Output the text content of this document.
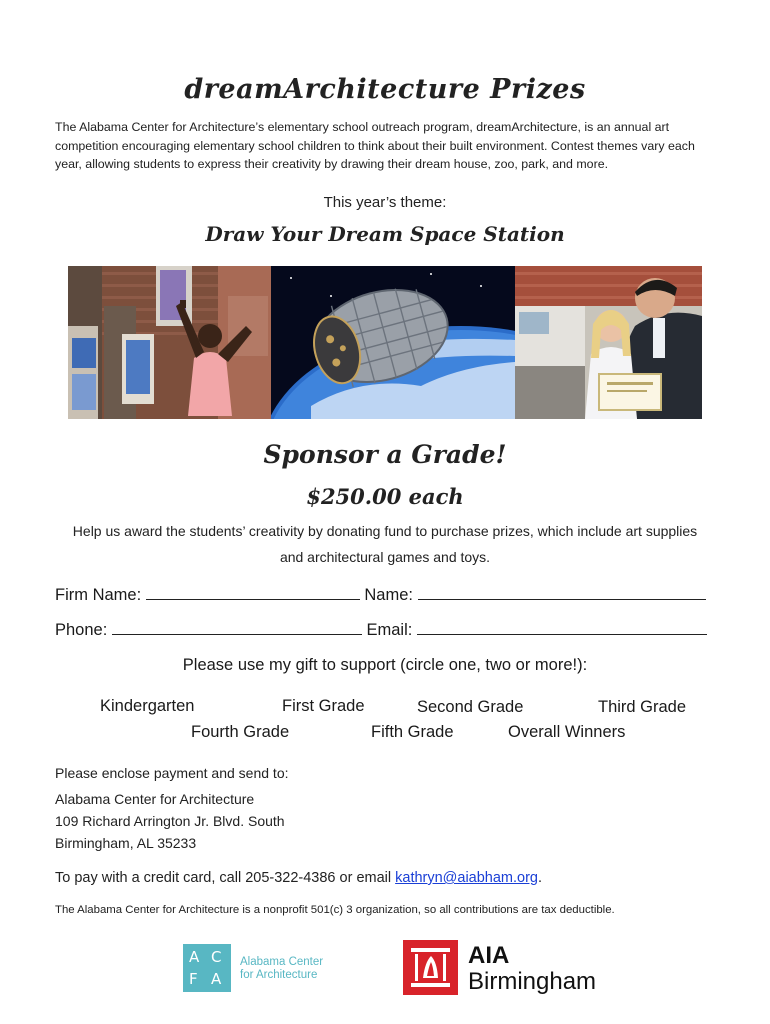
dreamArchitecture Prizes
The Alabama Center for Architecture’s elementary school outreach program, dreamArchitecture, is an annual art competition encouraging elementary school children to think about their built environment. Contest themes vary each year, allowing students to express their creativity by drawing their dream house, zoo, park, and more.
This year’s theme:
Draw Your Dream Space Station
Sponsor a Grade!
$250.00 each
Help us award the students’ creativity by donating fund to purchase prizes, which include art supplies and architectural games and toys.
Firm Name:	Name:
Phone:	Email:
Please use my gift to support (circle one, two or more!):
Kindergarten	First Grade	Second Grade	Third Grade
Fourth Grade	Fifth Grade	Overall Winners
Please enclose payment and send to:
Alabama Center for Architecture
109 Richard Arrington Jr. Blvd. South
Birmingham, AL 35233
To pay with a credit card, call 205-322-4386 or email kathryn@aiabham.org.
The Alabama Center for Architecture is a nonprofit 501(c) 3 organization, so all contributions are tax deductible.
A C
F A
Alabama Center
for Architecture
AIA
Birmingham
